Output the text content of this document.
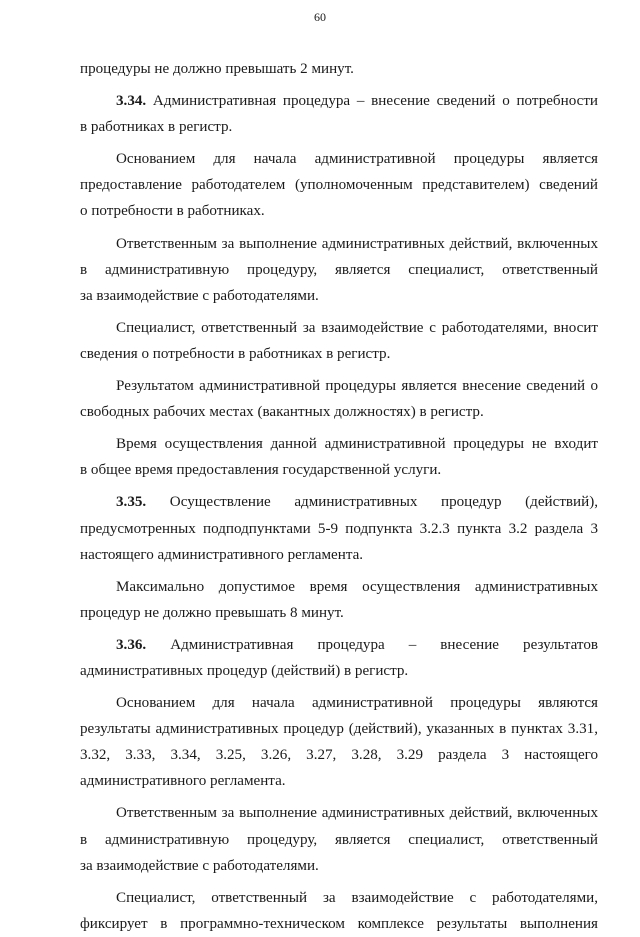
60
процедуры не должно превышать 2 минут.
3.34. Административная процедура – внесение сведений о потребности
в работниках в регистр.
Основанием для начала административной процедуры является
предоставление работодателем (уполномоченным представителем) сведений
о потребности в работниках.
Ответственным за выполнение административных действий, включенных
в административную процедуру, является специалист, ответственный
за взаимодействие с работодателями.
Специалист, ответственный за взаимодействие с работодателями, вносит
сведения о потребности в работниках в регистр.
Результатом административной процедуры является внесение сведений о
свободных рабочих местах (вакантных должностях) в регистр.
Время осуществления данной административной процедуры не входит
в общее время предоставления государственной услуги.
3.35. Осуществление административных процедур (действий),
предусмотренных подподпунктами 5-9 подпункта 3.2.3 пункта 3.2 раздела 3
настоящего административного регламента.
Максимально допустимое время осуществления административных
процедур не должно превышать 8 минут.
3.36. Административная процедура – внесение результатов
административных процедур (действий) в регистр.
Основанием для начала административной процедуры являются
результаты административных процедур (действий), указанных в пунктах 3.31,
3.32, 3.33, 3.34, 3.25, 3.26, 3.27, 3.28, 3.29 раздела 3 настоящего
административного регламента.
Ответственным за выполнение административных действий, включенных
в административную процедуру, является специалист, ответственный
за взаимодействие с работодателями.
Специалист, ответственный за взаимодействие с работодателями,
фиксирует в программно-техническом комплексе результаты выполнения
